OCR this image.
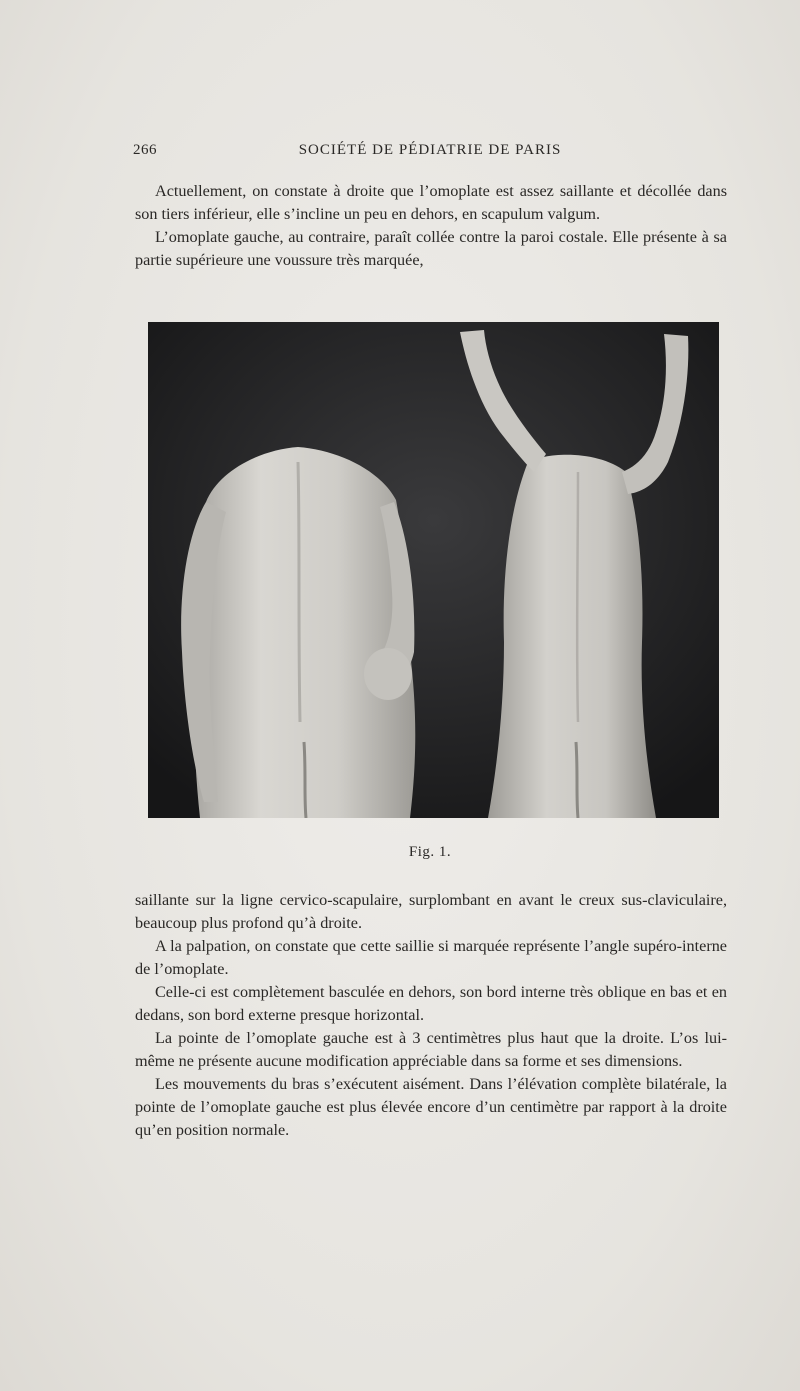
266	SOCIÉTÉ DE PÉDIATRIE DE PARIS

Actuellement, on constate à droite que l’omoplate est assez saillante et décollée dans son tiers inférieur, elle s’incline un peu en dehors, en scapulum valgum.

L’omoplate gauche, au contraire, paraît collée contre la paroi costale. Elle présente à sa partie supérieure une voussure très marquée,

Fig. 1.

saillante sur la ligne cervico-scapulaire, surplombant en avant le creux sus-claviculaire, beaucoup plus profond qu’à droite.

A la palpation, on constate que cette saillie si marquée représente l’angle supéro-interne de l’omoplate.

Celle-ci est complètement basculée en dehors, son bord interne très oblique en bas et en dedans, son bord externe presque horizontal.

La pointe de l’omoplate gauche est à 3 centimètres plus haut que la droite. L’os lui-même ne présente aucune modification appréciable dans sa forme et ses dimensions.

Les mouvements du bras s’exécutent aisément. Dans l’élévation complète bilatérale, la pointe de l’omoplate gauche est plus élevée encore d’un centimètre par rapport à la droite qu’en position normale.
